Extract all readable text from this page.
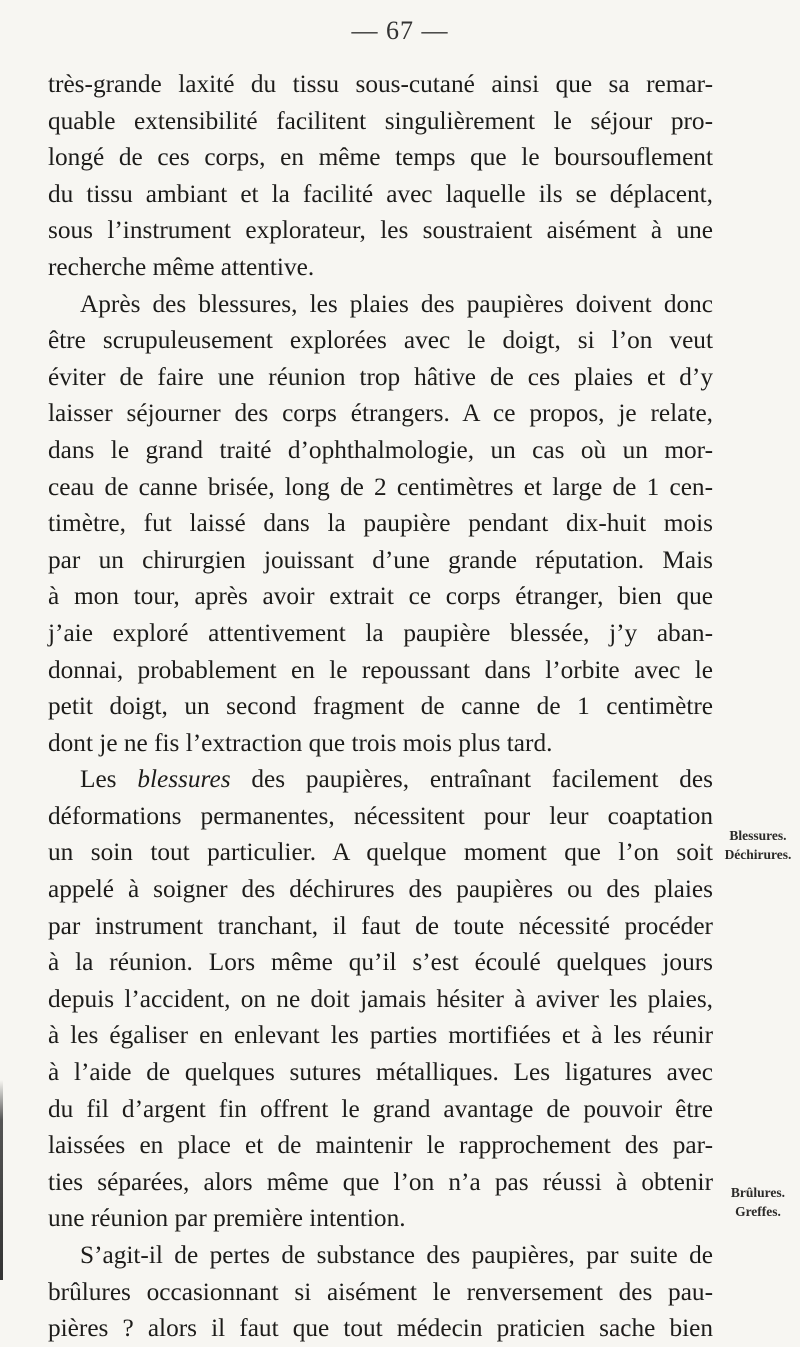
— 67 —
très-grande laxité du tissu sous-cutané ainsi que sa remar-
quable extensibilité facilitent singulièrement le séjour pro-
longé de ces corps, en même temps que le boursouflement
du tissu ambiant et la facilité avec laquelle ils se déplacent,
sous l’instrument explorateur, les soustraient aisément à une
recherche même attentive.
Après des blessures, les plaies des paupières doivent donc
être scrupuleusement explorées avec le doigt, si l’on veut
éviter de faire une réunion trop hâtive de ces plaies et d’y
laisser séjourner des corps étrangers. A ce propos, je relate,
dans le grand traité d’ophthalmologie, un cas où un mor-
ceau de canne brisée, long de 2 centimètres et large de 1 cen-
timètre, fut laissé dans la paupière pendant dix-huit mois
par un chirurgien jouissant d’une grande réputation. Mais
à mon tour, après avoir extrait ce corps étranger, bien que
j’aie exploré attentivement la paupière blessée, j’y aban-
donnai, probablement en le repoussant dans l’orbite avec le
petit doigt, un second fragment de canne de 1 centimètre
dont je ne fis l’extraction que trois mois plus tard.
Les blessures des paupières, entraînant facilement des
déformations permanentes, nécessitent pour leur coaptation
un soin tout particulier. A quelque moment que l’on soit
appelé à soigner des déchirures des paupières ou des plaies
par instrument tranchant, il faut de toute nécessité procéder
à la réunion. Lors même qu’il s’est écoulé quelques jours
depuis l’accident, on ne doit jamais hésiter à aviver les plaies,
à les égaliser en enlevant les parties mortifiées et à les réunir
à l’aide de quelques sutures métalliques. Les ligatures avec
du fil d’argent fin offrent le grand avantage de pouvoir être
laissées en place et de maintenir le rapprochement des par-
ties séparées, alors même que l’on n’a pas réussi à obtenir
une réunion par première intention.
S’agit-il de pertes de substance des paupières, par suite de
brûlures occasionnant si aisément le renversement des pau-
pières ? alors il faut que tout médecin praticien sache bien
Blessures.
Déchirures.
Brûlures.
Greffes.
